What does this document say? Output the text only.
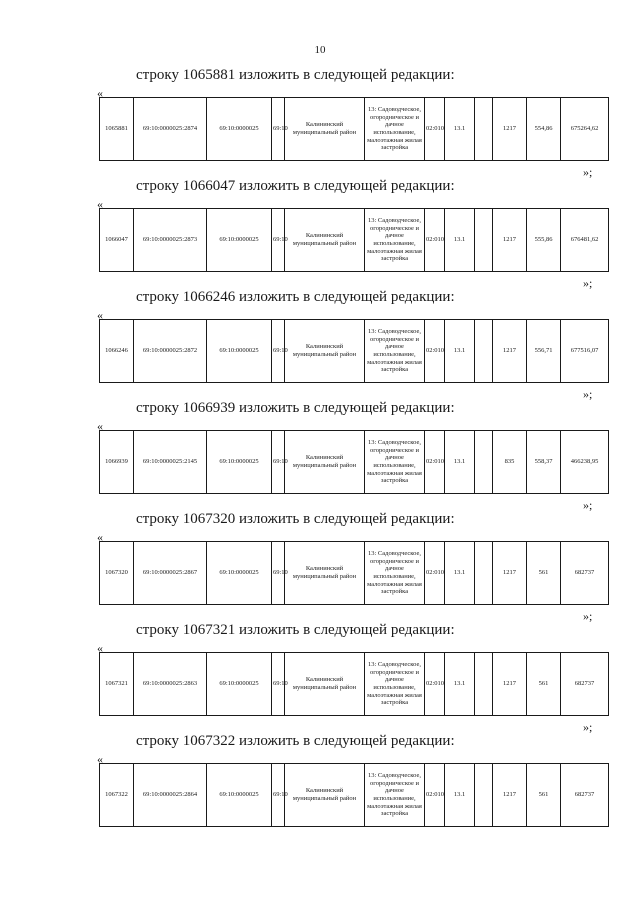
10
строку 1065881 изложить в следующей редакции:
«
1065881	69:10:0000025:2874	69:10:0000025	69:10	Калининский муниципальный район	13: Садоводческое, огородническое и дачное использование, малоэтажная жилая застройка	02:010	13.1		1217	554,86	675264,62
»;
строку 1066047 изложить в следующей редакции:
«
1066047	69:10:0000025:2873	69:10:0000025	69:10	Калининский муниципальный район	13: Садоводческое, огородническое и дачное использование, малоэтажная жилая застройка	02:010	13.1		1217	555,86	676481,62
»;
строку 1066246 изложить в следующей редакции:
«
1066246	69:10:0000025:2872	69:10:0000025	69:10	Калининский муниципальный район	13: Садоводческое, огородническое и дачное использование, малоэтажная жилая застройка	02:010	13.1		1217	556,71	677516,07
»;
строку 1066939 изложить в следующей редакции:
«
1066939	69:10:0000025:2145	69:10:0000025	69:10	Калининский муниципальный район	13: Садоводческое, огородническое и дачное использование, малоэтажная жилая застройка	02:010	13.1		835	558,37	466238,95
»;
строку 1067320 изложить в следующей редакции:
«
1067320	69:10:0000025:2867	69:10:0000025	69:10	Калининский муниципальный район	13: Садоводческое, огородническое и дачное использование, малоэтажная жилая застройка	02:010	13.1		1217	561	682737
»;
строку 1067321 изложить в следующей редакции:
«
1067321	69:10:0000025:2863	69:10:0000025	69:10	Калининский муниципальный район	13: Садоводческое, огородническое и дачное использование, малоэтажная жилая застройка	02:010	13.1		1217	561	682737
»;
строку 1067322 изложить в следующей редакции:
«
1067322	69:10:0000025:2864	69:10:0000025	69:10	Калининский муниципальный район	13: Садоводческое, огородническое и дачное использование, малоэтажная жилая застройка	02:010	13.1		1217	561	682737
